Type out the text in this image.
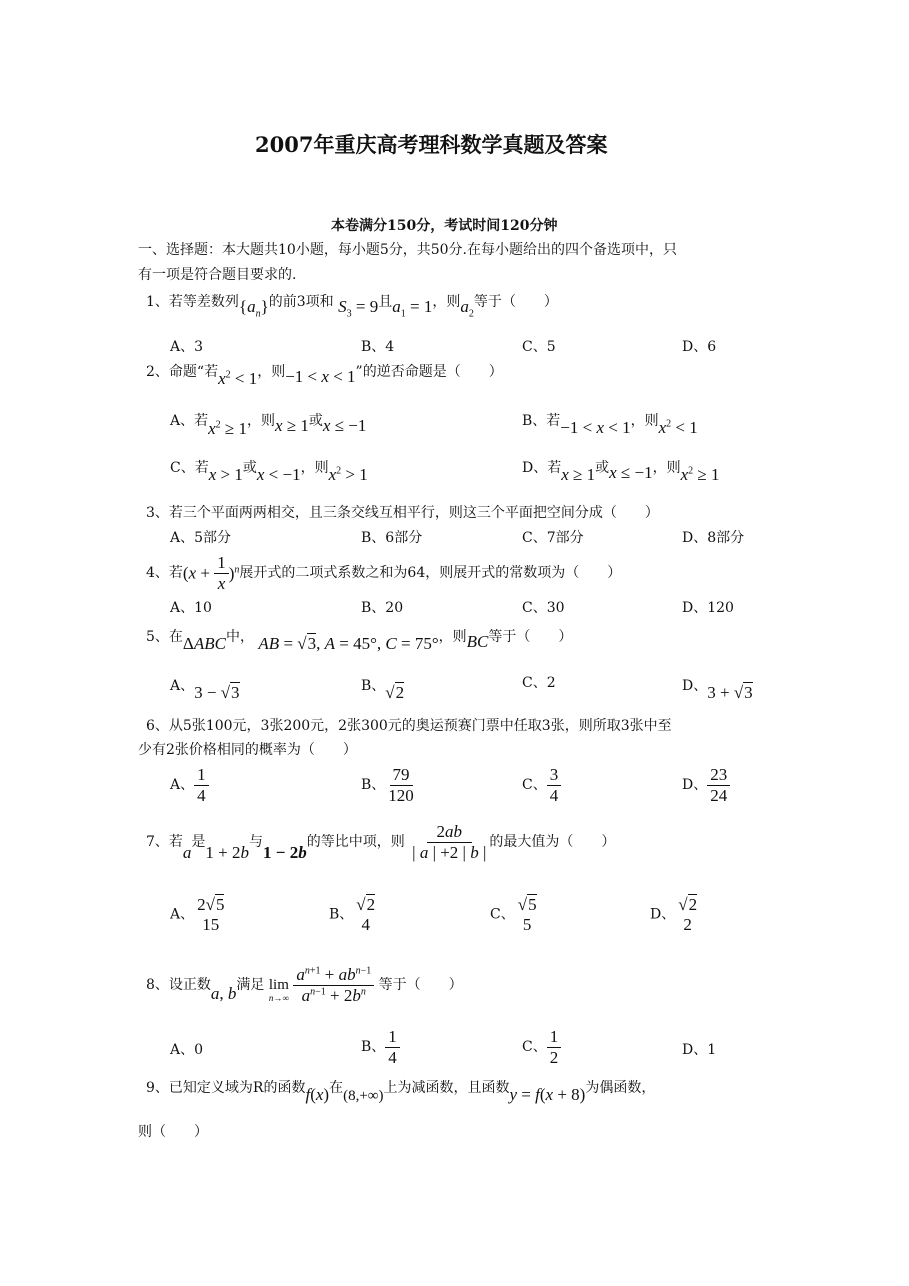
2007年重庆高考理科数学真题及答案
本卷满分150分，考试时间120分钟
一、选择题：本大题共10小题，每小题5分，共50分.在每小题给出的四个备选项中，只
有一项是符合题目要求的.
1、若等差数列$\{a_n\}$的前3项和 $S_3 = 9$且$a_1 = 1$，则$a_2$等于（　　）
A、3	B、4	C、5	D、6
2、命题“若$x^2 < 1$，则−1 < x < 1”的逆否命题是（　　）
A、若$x^2 \ge 1$，则x ≥ 1或x ≤ −1	B、若−1 < x < 1，则$x^2 < 1$
C、若x > 1或x < −1，则$x^2 > 1$	D、若x ≥ 1或x ≤ −1，则$x^2 \ge 1$
3、若三个平面两两相交，且三条交线互相平行，则这三个平面把空间分成（　　）
A、5部分	B、6部分	C、7部分	D、8部分
4、若$(x + \frac{1}{x} )^n$展开式的二项式系数之和为64，则展开式的常数项为（　　）
A、10	B、20	C、30	D、120
5、在ΔABC中， AB = √3, A = 45°, C = 75°，则BC等于（　　）
A、3 − √3	B、√2	C、2	D、3 + √3
6、从5张100元，3张200元，2张300元的奥运预赛门票中任取3张，则所取3张中至
少有2张价格相同的概率为（　　）
A、 $\frac{1}{4}$	B、 $\frac{79}{120}$	C、 $\frac{3}{4}$	D、 $\frac{23}{24}$
7、若a是1 + 2b与1 − 2b的等比中项，则 $\frac{2ab}{| a | +2 | b |}$ 的最大值为（　　）
A、
2√5
15	B、
√2
4	C、
√5
5	D、
√2
2
8、设正数a, b满足 lim
n→∞
$\frac{a^{n+1} + ab^{n-1}}{a^{n-1} + 2b^n}$ 等于（　　）
A、0	B、 $\frac{1}{4}$	C、 $\frac{1}{2}$	D、1
9、已知定义域为R的函数f(x)在(8,+∞)上为减函数，且函数y = f(x + 8)为偶函数，
则（　　）
